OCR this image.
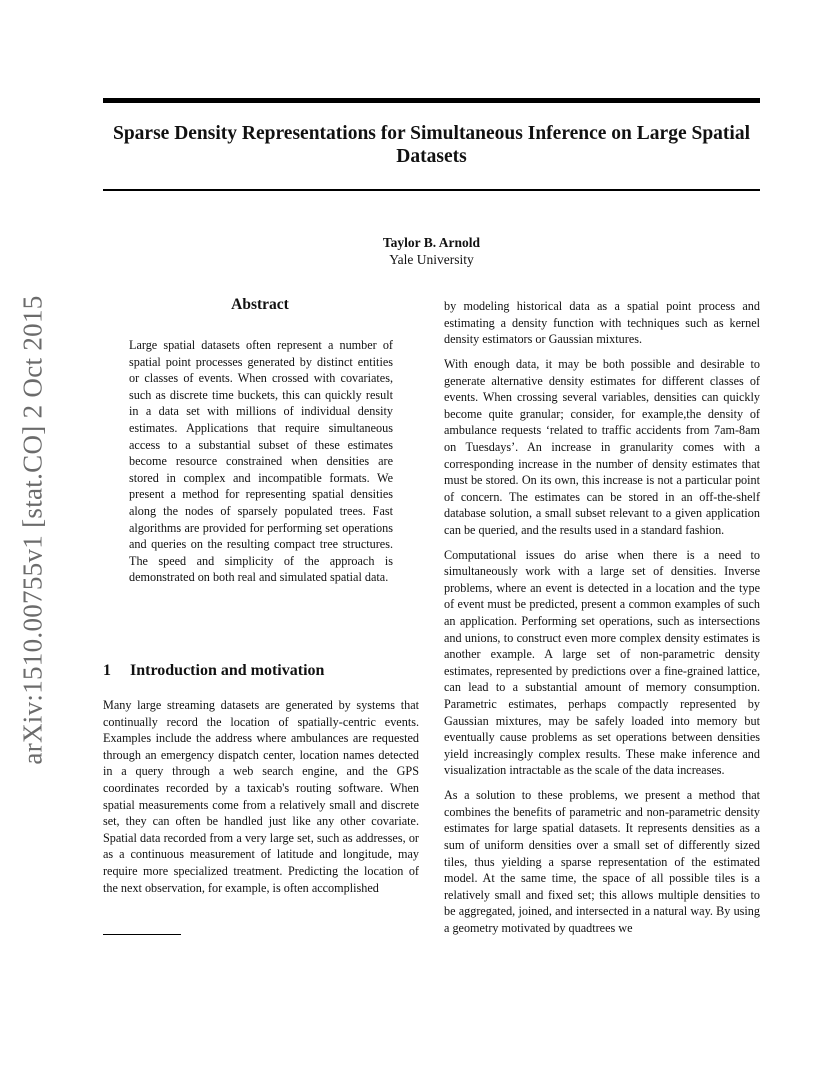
Sparse Density Representations for Simultaneous Inference on Large Spatial Datasets
Taylor B. Arnold
Yale University
arXiv:1510.00755v1 [stat.CO] 2 Oct 2015	Abstract

Large spatial datasets often represent a number of spatial point processes generated by distinct entities or classes of events. When crossed with covariates, such as discrete time buckets, this can quickly result in a data set with millions of individual density estimates. Applications that require simultaneous access to a substantial subset of these estimates become resource constrained when densities are stored in complex and incompatible formats. We present a method for representing spatial densities along the nodes of sparsely populated trees. Fast algorithms are provided for performing set operations and queries on the resulting compact tree structures. The speed and simplicity of the approach is demonstrated on both real and simulated spatial data.

1 Introduction and motivation

Many large streaming datasets are generated by systems that continually record the location of spatially-centric events. Examples include the address where ambulances are requested through an emergency dispatch center, location names detected in a query through a web search engine, and the GPS coordinates recorded by a taxicab's routing software. When spatial measurements come from a relatively small and discrete set, they can often be handled just like any other covariate. Spatial data recorded from a very large set, such as addresses, or as a continuous measurement of latitude and longitude, may require more specialized treatment. Predicting the location of the next observation, for example, is often accomplished

by modeling historical data as a spatial point process and estimating a density function with techniques such as kernel density estimators or Gaussian mixtures.

With enough data, it may be both possible and desirable to generate alternative density estimates for different classes of events. When crossing several variables, densities can quickly become quite granular; consider, for example,the density of ambulance requests ‘related to traffic accidents from 7am-8am on Tuesdays’. An increase in granularity comes with a corresponding increase in the number of density estimates that must be stored. On its own, this increase is not a particular point of concern. The estimates can be stored in an off-the-shelf database solution, a small subset relevant to a given application can be queried, and the results used in a standard fashion.

Computational issues do arise when there is a need to simultaneously work with a large set of densities. Inverse problems, where an event is detected in a location and the type of event must be predicted, present a common examples of such an application. Performing set operations, such as intersections and unions, to construct even more complex density estimates is another example. A large set of non-parametric density estimates, represented by predictions over a fine-grained lattice, can lead to a substantial amount of memory consumption. Parametric estimates, perhaps compactly represented by Gaussian mixtures, may be safely loaded into memory but eventually cause problems as set operations between densities yield increasingly complex results. These make inference and visualization intractable as the scale of the data increases.

As a solution to these problems, we present a method that combines the benefits of parametric and non-parametric density estimates for large spatial datasets. It represents densities as a sum of uniform densities over a small set of differently sized tiles, thus yielding a sparse representation of the estimated model. At the same time, the space of all possible tiles is a relatively small and fixed set; this allows multiple densities to be aggregated, joined, and intersected in a natural way. By using a geometry motivated by quadtrees we
